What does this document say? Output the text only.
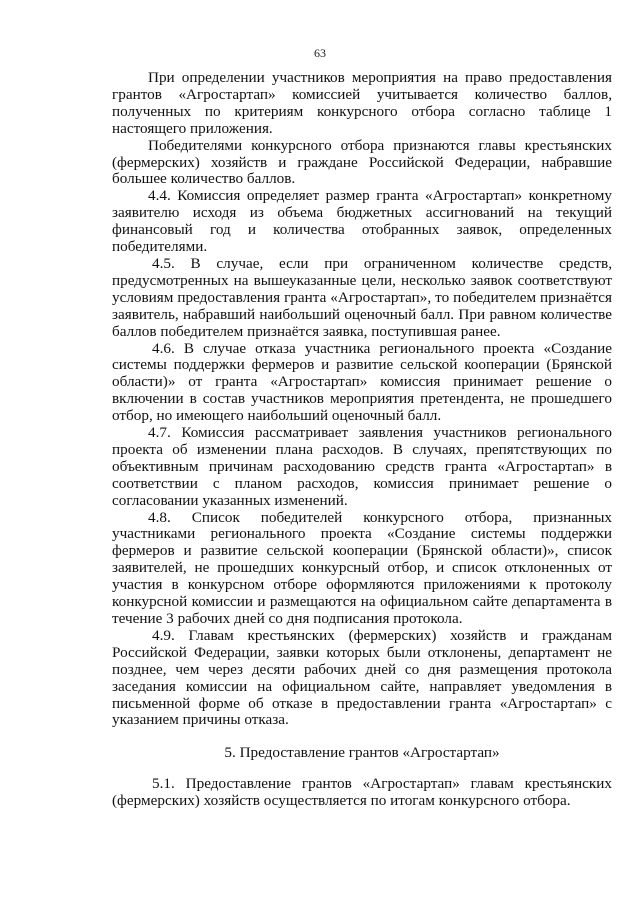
63

При определении участников мероприятия на право предоставления грантов «Агростартап» комиссией учитывается количество баллов, полученных по критериям конкурсного отбора согласно таблице 1 настоящего приложения.

Победителями конкурсного отбора признаются главы крестьянских (фермерских) хозяйств и граждане Российской Федерации, набравшие большее количество баллов.

4.4. Комиссия определяет размер гранта «Агростартап» конкретному заявителю исходя из объема бюджетных ассигнований на текущий финансовый год и количества отобранных заявок, определенных победителями.

4.5. В случае, если при ограниченном количестве средств, предусмотренных на вышеуказанные цели, несколько заявок соответствуют условиям предоставления гранта «Агростартап», то победителем признаётся заявитель, набравший наибольший оценочный балл. При равном количестве баллов победителем признаётся заявка, поступившая ранее.

4.6. В случае отказа участника регионального проекта «Создание системы поддержки фермеров и развитие сельской кооперации (Брянской области)» от гранта «Агростартап» комиссия принимает решение о включении в состав участников мероприятия претендента, не прошедшего отбор, но имеющего наибольший оценочный балл.

4.7. Комиссия рассматривает заявления участников регионального проекта об изменении плана расходов. В случаях, препятствующих по объективным причинам расходованию средств гранта «Агростартап» в соответствии с планом расходов, комиссия принимает решение о согласовании указанных изменений.

4.8. Список победителей конкурсного отбора, признанных участниками регионального проекта «Создание системы поддержки фермеров и развитие сельской кооперации (Брянской области)», список заявителей, не прошедших конкурсный отбор, и список отклоненных от участия в конкурсном отборе оформляются приложениями к протоколу конкурсной комиссии и размещаются на официальном сайте департамента в течение 3 рабочих дней со дня подписания протокола.

4.9. Главам крестьянских (фермерских) хозяйств и гражданам Российской Федерации, заявки которых были отклонены, департамент не позднее, чем через десяти рабочих дней со дня размещения протокола заседания комиссии на официальном сайте, направляет уведомления в письменной форме об отказе в предоставлении гранта «Агростартап» с указанием причины отказа.

5. Предоставление грантов «Агростартап»

5.1. Предоставление грантов «Агростартап» главам крестьянских (фермерских) хозяйств осуществляется по итогам конкурсного отбора.
